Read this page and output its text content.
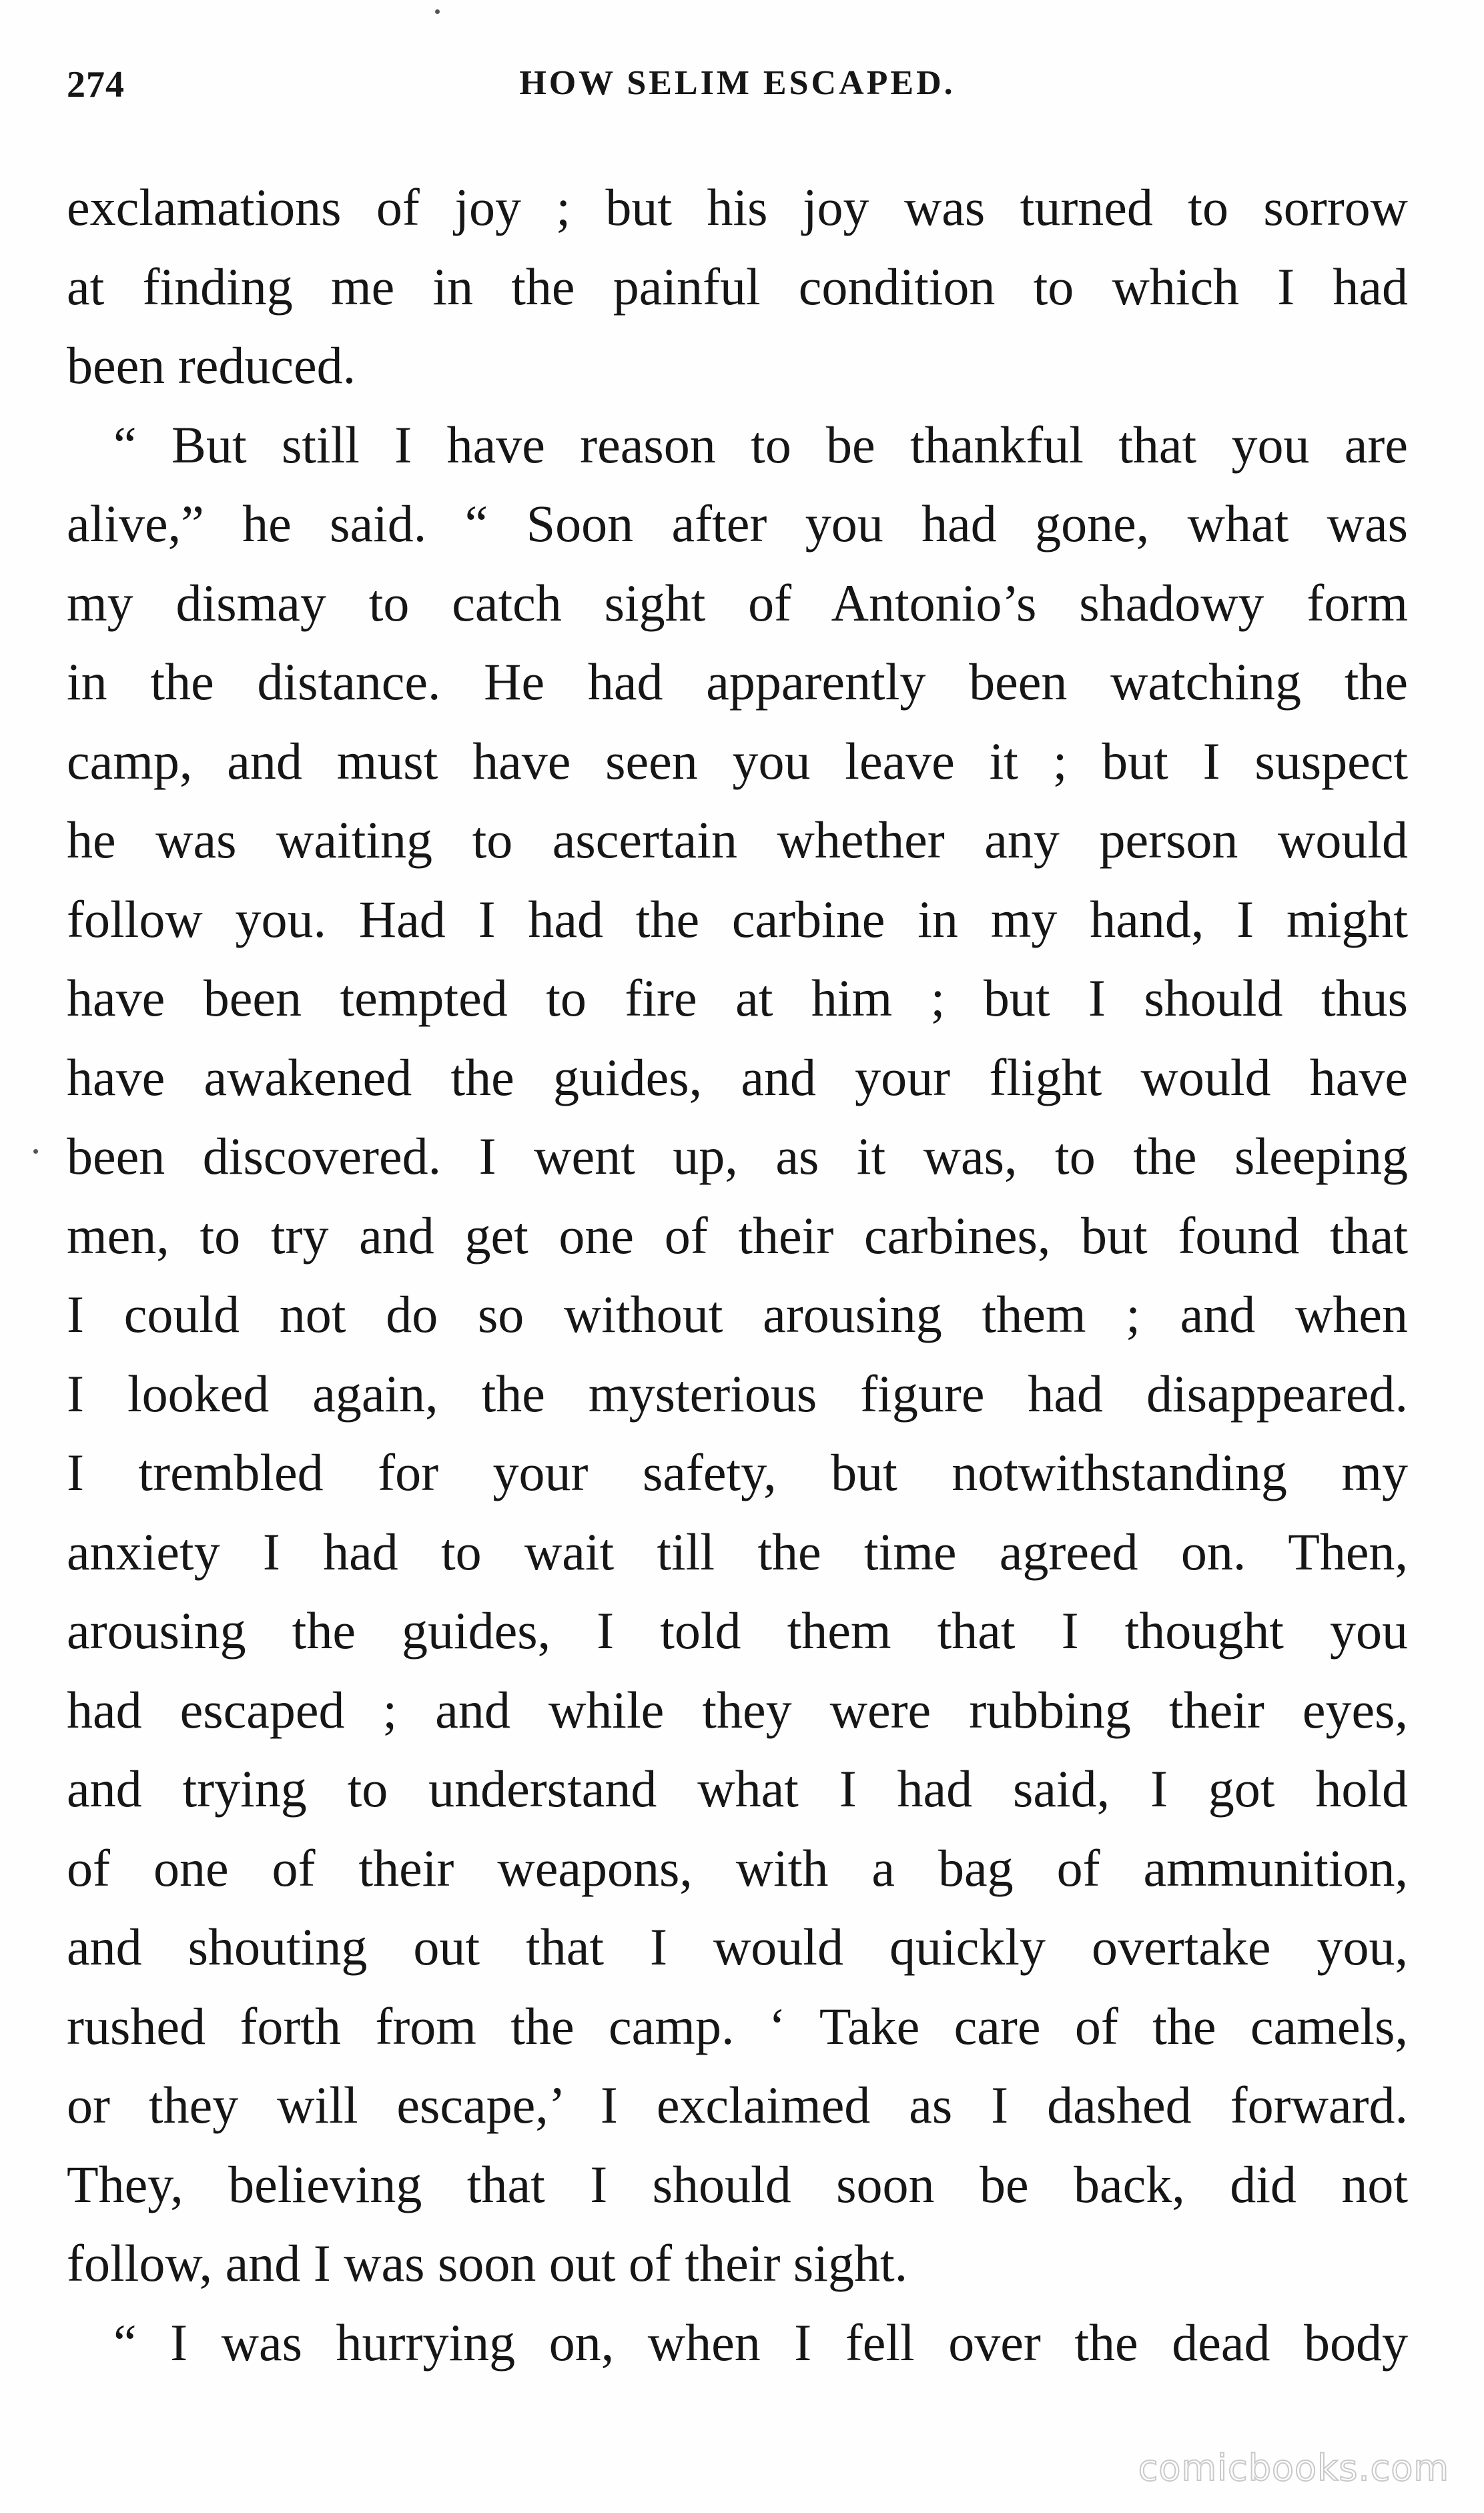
274	HOW SELIM ESCAPED.
exclamations of joy ; but his joy was turned to sorrow
at finding me in the painful condition to which I had
been reduced.
“ But still I have reason to be thankful that you are
alive,” he said. “ Soon after you had gone, what was
my dismay to catch sight of Antonio’s shadowy form
in the distance. He had apparently been watching the
camp, and must have seen you leave it ; but I suspect
he was waiting to ascertain whether any person would
follow you. Had I had the carbine in my hand, I might
have been tempted to fire at him ; but I should thus
have awakened the guides, and your flight would have
been discovered. I went up, as it was, to the sleeping
men, to try and get one of their carbines, but found that
I could not do so without arousing them ; and when
I looked again, the mysterious figure had disappeared.
I trembled for your safety, but notwithstanding my
anxiety I had to wait till the time agreed on. Then,
arousing the guides, I told them that I thought you
had escaped ; and while they were rubbing their eyes,
and trying to understand what I had said, I got hold
of one of their weapons, with a bag of ammunition,
and shouting out that I would quickly overtake you,
rushed forth from the camp. ‘ Take care of the camels,
or they will escape,’ I exclaimed as I dashed forward.
They, believing that I should soon be back, did not
follow, and I was soon out of their sight.
“ I was hurrying on, when I fell over the dead body
comicbooks.com
